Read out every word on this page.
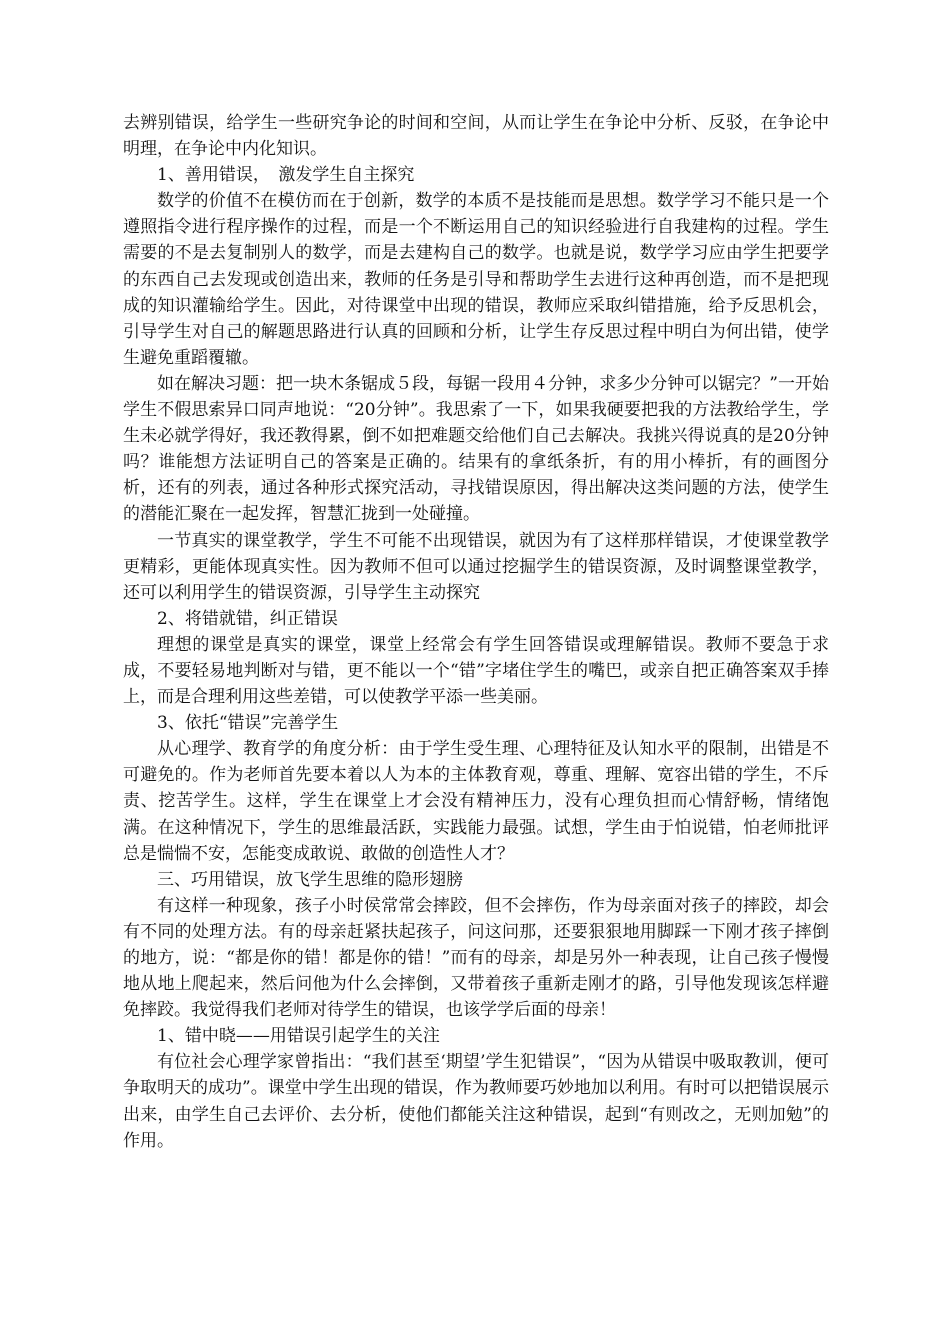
去辨别错误，给学生一些研究争论的时间和空间，从而让学生在争论中分析、反驳，在争论中明理，在争论中内化知识。

1、善用错误，　激发学生自主探究

数学的价值不在模仿而在于创新，数学的本质不是技能而是思想。数学学习不能只是一个遵照指令进行程序操作的过程，而是一个不断运用自己的知识经验进行自我建构的过程。学生需要的不是去复制别人的数学，而是去建构自己的数学。也就是说，数学学习应由学生把要学的东西自己去发现或创造出来，教师的任务是引导和帮助学生去进行这种再创造，而不是把现成的知识灌输给学生。因此，对待课堂中出现的错误，教师应采取纠错措施，给予反思机会，引导学生对自己的解题思路进行认真的回顾和分析，让学生存反思过程中明白为何出错，使学生避免重蹈覆辙。

如在解决习题：把一块木条锯成５段，每锯一段用４分钟，求多少分钟可以锯完？”一开始学生不假思索异口同声地说：“20分钟”。我思索了一下，如果我硬要把我的方法教给学生，学生未必就学得好，我还教得累，倒不如把难题交给他们自己去解决。我挑兴得说真的是20分钟吗？谁能想方法证明自己的答案是正确的。结果有的拿纸条折，有的用小棒折，有的画图分析，还有的列表，通过各种形式探究活动，寻找错误原因，得出解决这类问题的方法，使学生的潜能汇聚在一起发挥，智慧汇拢到一处碰撞。

一节真实的课堂教学，学生不可能不出现错误，就因为有了这样那样错误，才使课堂教学更精彩，更能体现真实性。因为教师不但可以通过挖掘学生的错误资源，及时调整课堂教学，还可以利用学生的错误资源，引导学生主动探究

2、将错就错，纠正错误

理想的课堂是真实的课堂，课堂上经常会有学生回答错误或理解错误。教师不要急于求成，不要轻易地判断对与错，更不能以一个“错”字堵住学生的嘴巴，或亲自把正确答案双手捧上，而是合理利用这些差错，可以使教学平添一些美丽。

3、依托“错误”完善学生

从心理学、教育学的角度分析：由于学生受生理、心理特征及认知水平的限制，出错是不可避免的。作为老师首先要本着以人为本的主体教育观，尊重、理解、宽容出错的学生，不斥责、挖苦学生。这样，学生在课堂上才会没有精神压力，没有心理负担而心情舒畅，情绪饱满。在这种情况下，学生的思维最活跃，实践能力最强。试想，学生由于怕说错，怕老师批评总是惴惴不安，怎能变成敢说、敢做的创造性人才？

三、巧用错误，放飞学生思维的隐形翅膀

有这样一种现象，孩子小时侯常常会摔跤，但不会摔伤，作为母亲面对孩子的摔跤，却会有不同的处理方法。有的母亲赶紧扶起孩子，问这问那，还要狠狠地用脚踩一下刚才孩子摔倒的地方，说：“都是你的错！都是你的错！”而有的母亲，却是另外一种表现，让自己孩子慢慢地从地上爬起来，然后问他为什么会摔倒，又带着孩子重新走刚才的路，引导他发现该怎样避免摔跤。我觉得我们老师对待学生的错误，也该学学后面的母亲！

1、错中晓——用错误引起学生的关注

有位社会心理学家曾指出：“我们甚至‘期望’学生犯错误”，“因为从错误中吸取教训，便可争取明天的成功”。课堂中学生出现的错误，作为教师要巧妙地加以利用。有时可以把错误展示出来，由学生自己去评价、去分析，使他们都能关注这种错误，起到“有则改之，无则加勉”的作用。
